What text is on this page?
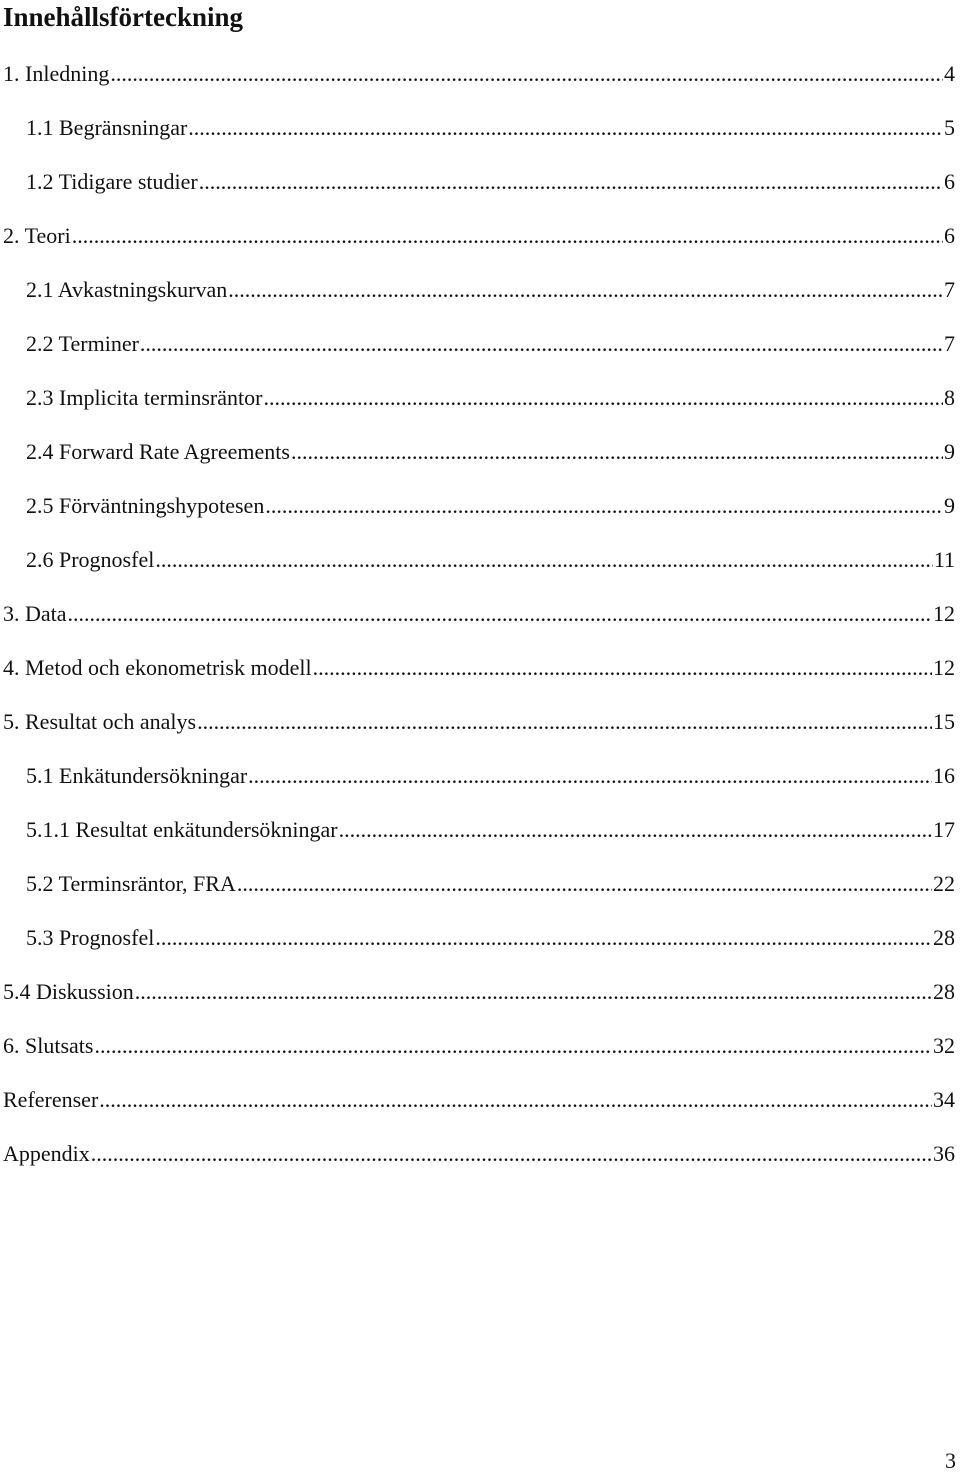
Innehållsförteckning
1. Inledning .....	4
1.1 Begränsningar .....	5
1.2 Tidigare studier .....	6
2. Teori .....	6
2.1 Avkastningskurvan .....	7
2.2 Terminer .....	7
2.3 Implicita terminsräntor .....	8
2.4 Forward Rate Agreements .....	9
2.5 Förväntningshypotesen .....	9
2.6 Prognosfel .....	11
3. Data .....	12
4. Metod och ekonometrisk modell .....	12
5. Resultat och analys .....	15
5.1 Enkätundersökningar .....	16
5.1.1 Resultat enkätundersökningar .....	17
5.2 Terminsräntor, FRA .....	22
5.3 Prognosfel .....	28
5.4 Diskussion .....	28
6. Slutsats .....	32
Referenser .....	34
Appendix .....	36
3
